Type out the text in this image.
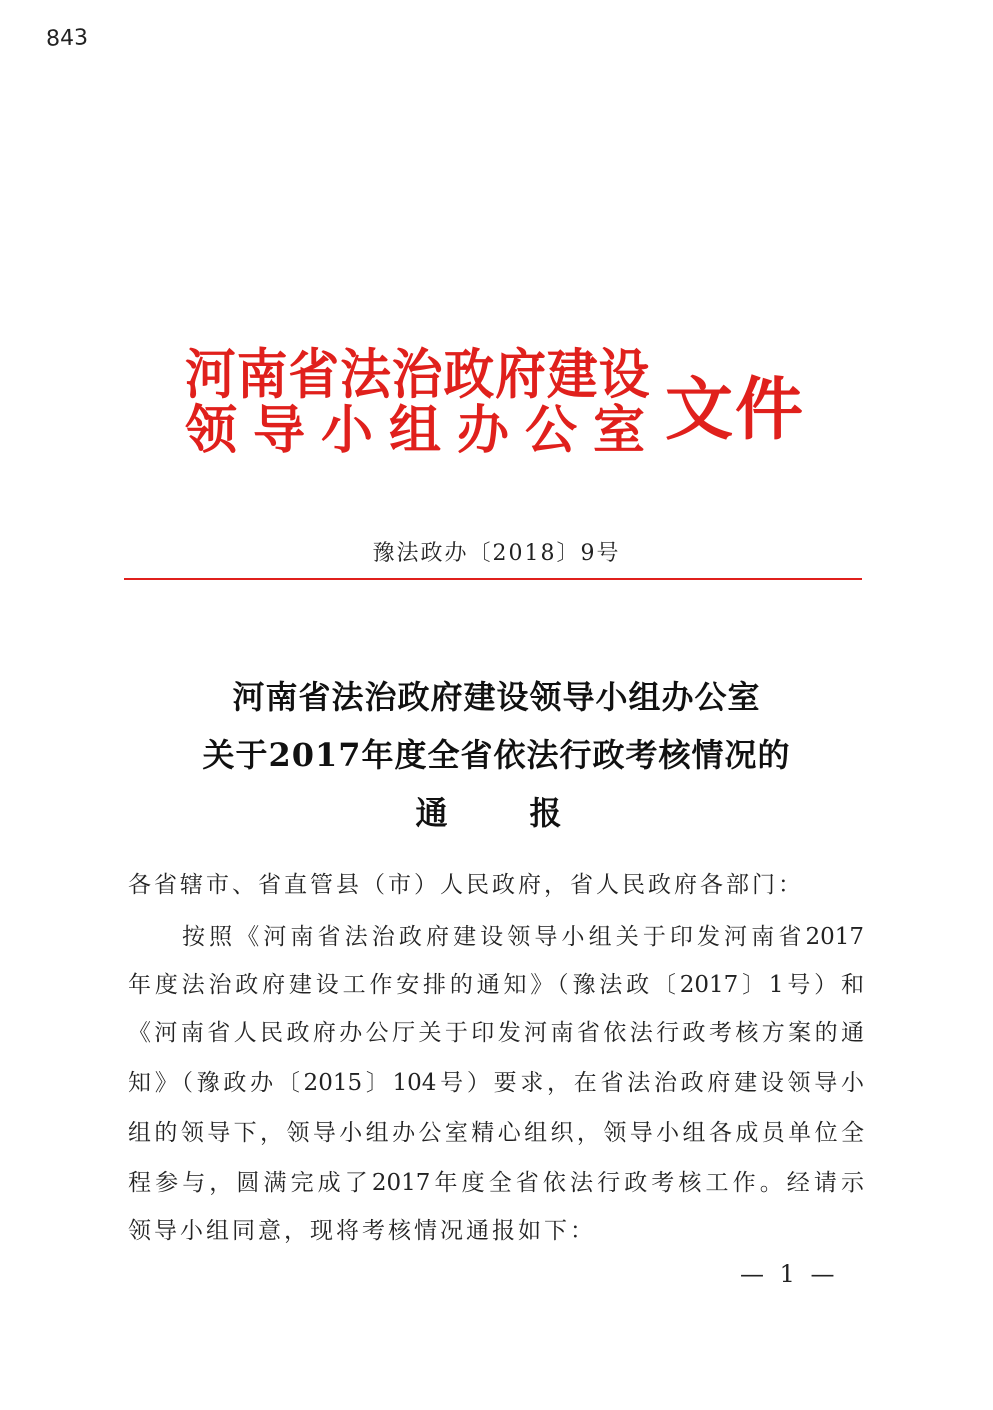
843
河南省法治政府建设
领导小组办公室 文件
豫法政办〔2018〕9号
河南省法治政府建设领导小组办公室
关于2017年度全省依法行政考核情况的
通	报
各省辖市、省直管县（市）人民政府，省人民政府各部门：
按照《河南省法治政府建设领导小组关于印发河南省2017
年度法治政府建设工作安排的通知》（豫法政〔2017〕1号）和
《河南省人民政府办公厅关于印发河南省依法行政考核方案的通
知》（豫政办〔2015〕104号）要求，在省法治政府建设领导小
组的领导下，领导小组办公室精心组织，领导小组各成员单位全
程参与，圆满完成了2017年度全省依法行政考核工作。经请示
领导小组同意，现将考核情况通报如下：
— 1 —
